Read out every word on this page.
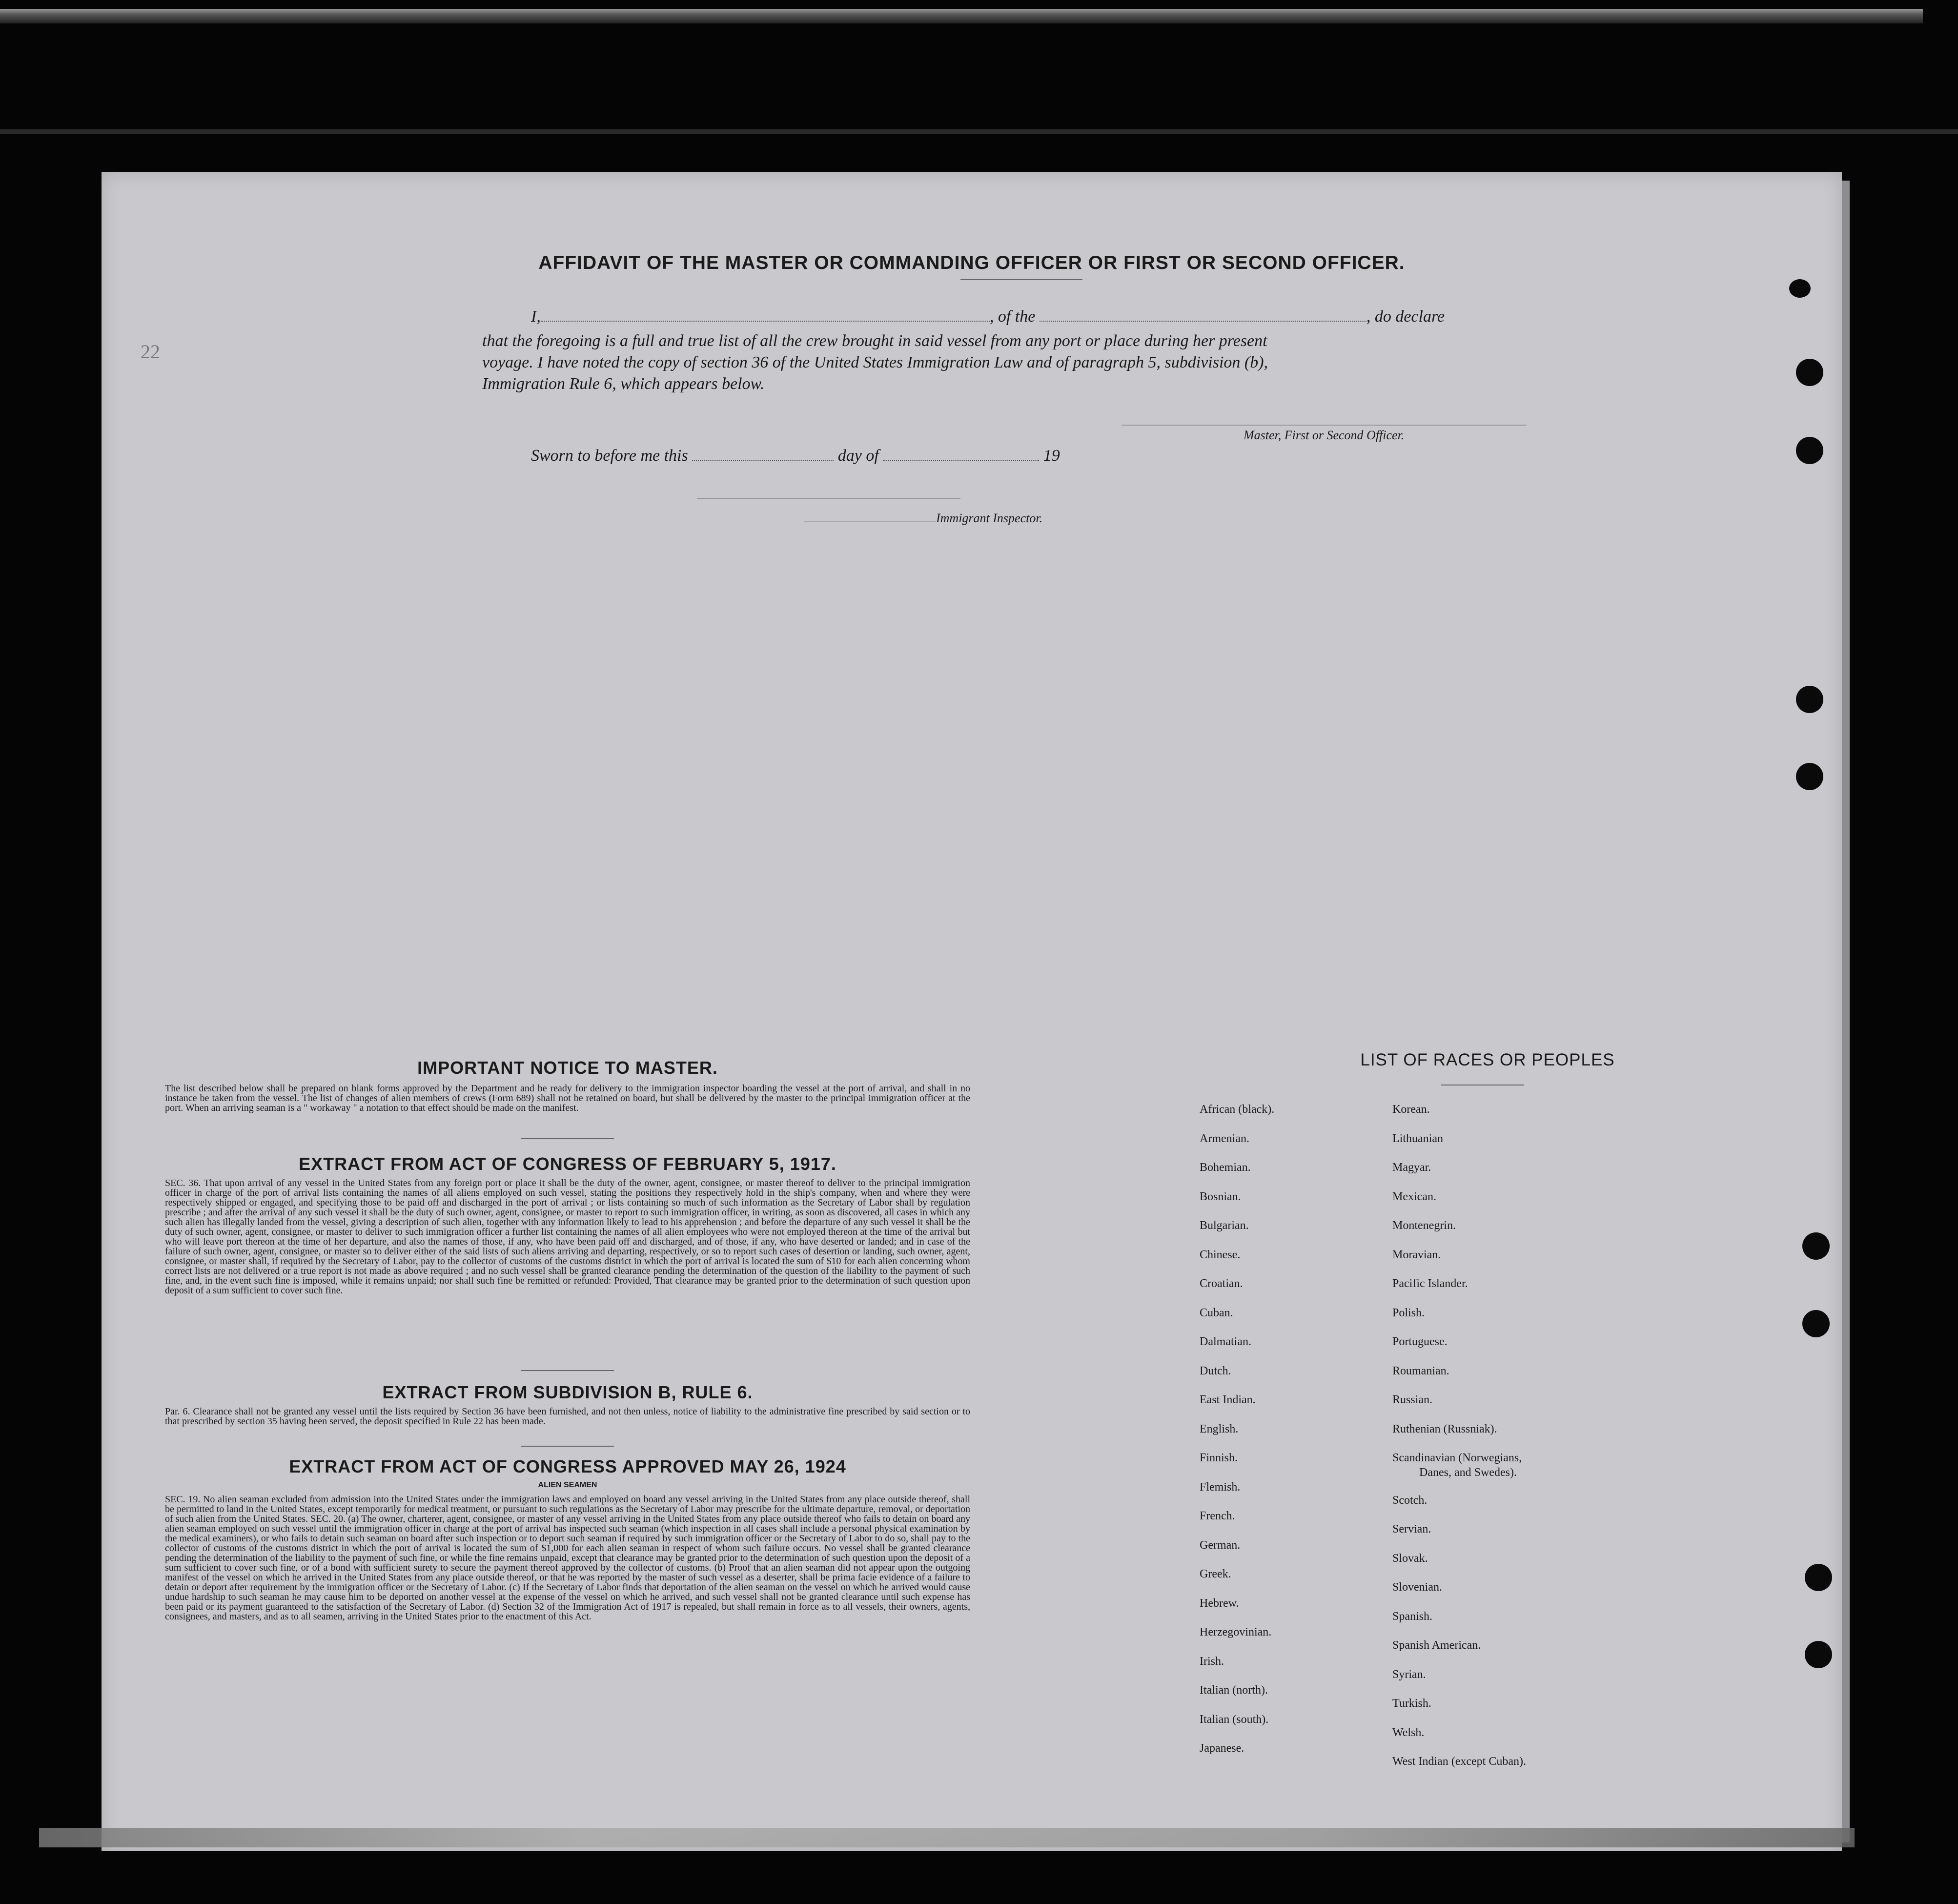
AFFIDAVIT OF THE MASTER OR COMMANDING OFFICER OR FIRST OR SECOND OFFICER.
I,	, of the	, do declare
that the foregoing is a full and true list of all the crew brought in said vessel from any port or place during her present
voyage. I have noted the copy of section 36 of the United States Immigration Law and of paragraph 5, subdivision (b),
Immigration Rule 6, which appears below.
Master, First or Second Officer.
Sworn to before me this	day of	19
Immigrant Inspector.
22
IMPORTANT NOTICE TO MASTER.
The list described below shall be prepared on blank forms approved by the Department and be ready for delivery to the immigration inspector boarding the vessel at the port of arrival, and shall in no instance be taken from the vessel. The list of changes of alien members of crews (Form 689) shall not be retained on board, but shall be delivered by the master to the principal immigration officer at the port. When an arriving seaman is a " workaway " a notation to that effect should be made on the manifest.
EXTRACT FROM ACT OF CONGRESS OF FEBRUARY 5, 1917.
SEC. 36. That upon arrival of any vessel in the United States from any foreign port or place it shall be the duty of the owner, agent, consignee, or master thereof to deliver to the principal immigration officer in charge of the port of arrival lists containing the names of all aliens employed on such vessel, stating the positions they respectively hold in the ship's company, when and where they were respectively shipped or engaged, and specifying those to be paid off and discharged in the port of arrival ; or lists containing so much of such information as the Secretary of Labor shall by regulation prescribe ; and after the arrival of any such vessel it shall be the duty of such owner, agent, consignee, or master to report to such immigration officer, in writing, as soon as discovered, all cases in which any such alien has illegally landed from the vessel, giving a description of such alien, together with any information likely to lead to his apprehension ; and before the departure of any such vessel it shall be the duty of such owner, agent, consignee, or master to deliver to such immigration officer a further list containing the names of all alien employees who were not employed thereon at the time of the arrival but who will leave port thereon at the time of her departure, and also the names of those, if any, who have been paid off and discharged, and of those, if any, who have deserted or landed; and in case of the failure of such owner, agent, consignee, or master so to deliver either of the said lists of such aliens arriving and departing, respectively, or so to report such cases of desertion or landing, such owner, agent, consignee, or master shall, if required by the Secretary of Labor, pay to the collector of customs of the customs district in which the port of arrival is located the sum of $10 for each alien concerning whom correct lists are not delivered or a true report is not made as above required ; and no such vessel shall be granted clearance pending the determination of the question of the liability to the payment of such fine, and, in the event such fine is imposed, while it remains unpaid; nor shall such fine be remitted or refunded: Provided, That clearance may be granted prior to the determination of such question upon deposit of a sum sufficient to cover such fine.
EXTRACT FROM SUBDIVISION B, RULE 6.
Par. 6. Clearance shall not be granted any vessel until the lists required by Section 36 have been furnished, and not then unless, notice of liability to the administrative fine prescribed by said section or to that prescribed by section 35 having been served, the deposit specified in Rule 22 has been made.
EXTRACT FROM ACT OF CONGRESS APPROVED MAY 26, 1924
ALIEN SEAMEN
SEC. 19. No alien seaman excluded from admission into the United States under the immigration laws and employed on board any vessel arriving in the United States from any place outside thereof, shall be permitted to land in the United States, except temporarily for medical treatment, or pursuant to such regulations as the Secretary of Labor may prescribe for the ultimate departure, removal, or deportation of such alien from the United States. SEC. 20. (a) The owner, charterer, agent, consignee, or master of any vessel arriving in the United States from any place outside thereof who fails to detain on board any alien seaman employed on such vessel until the immigration officer in charge at the port of arrival has inspected such seaman (which inspection in all cases shall include a personal physical examination by the medical examiners), or who fails to detain such seaman on board after such inspection or to deport such seaman if required by such immigration officer or the Secretary of Labor to do so, shall pay to the collector of customs of the customs district in which the port of arrival is located the sum of $1,000 for each alien seaman in respect of whom such failure occurs. No vessel shall be granted clearance pending the determination of the liability to the payment of such fine, or while the fine remains unpaid, except that clearance may be granted prior to the determination of such question upon the deposit of a sum sufficient to cover such fine, or of a bond with sufficient surety to secure the payment thereof approved by the collector of customs. (b) Proof that an alien seaman did not appear upon the outgoing manifest of the vessel on which he arrived in the United States from any place outside thereof, or that he was reported by the master of such vessel as a deserter, shall be prima facie evidence of a failure to detain or deport after requirement by the immigration officer or the Secretary of Labor. (c) If the Secretary of Labor finds that deportation of the alien seaman on the vessel on which he arrived would cause undue hardship to such seaman he may cause him to be deported on another vessel at the expense of the vessel on which he arrived, and such vessel shall not be granted clearance until such expense has been paid or its payment guaranteed to the satisfaction of the Secretary of Labor. (d) Section 32 of the Immigration Act of 1917 is repealed, but shall remain in force as to all vessels, their owners, agents, consignees, and masters, and as to all seamen, arriving in the United States prior to the enactment of this Act.
LIST OF RACES OR PEOPLES
African (black).
Armenian.
Bohemian.
Bosnian.
Bulgarian.
Chinese.
Croatian.
Cuban.
Dalmatian.
Dutch.
East Indian.
English.
Finnish.
Flemish.
French.
German.
Greek.
Hebrew.
Herzegovinian.
Irish.
Italian (north).
Italian (south).
Japanese.
Korean.
Lithuanian
Magyar.
Mexican.
Montenegrin.
Moravian.
Pacific Islander.
Polish.
Portuguese.
Roumanian.
Russian.
Ruthenian (Russniak).
Scandinavian (Norwegians,
Danes, and Swedes).
Scotch.
Servian.
Slovak.
Slovenian.
Spanish.
Spanish American.
Syrian.
Turkish.
Welsh.
West Indian (except Cuban).
